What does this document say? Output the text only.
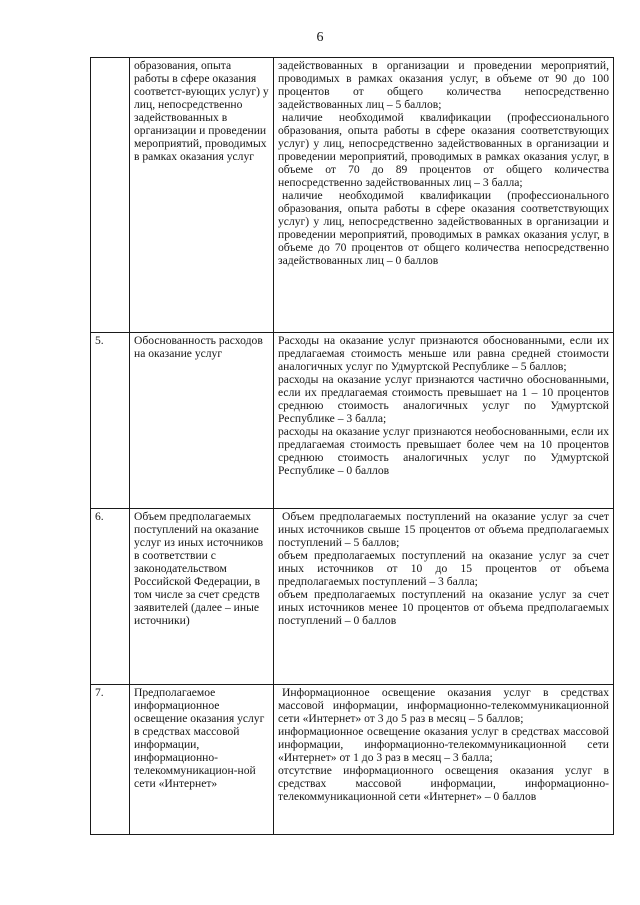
6
	образования, опыта работы в сфере оказания соответст-вующих услуг) у лиц, непосредственно задействованных в организации и проведении мероприятий, проводимых в рамках оказания услуг	задействованных в организации и проведении мероприятий, проводимых в рамках оказания услуг, в объеме от 90 до 100 процентов от общего количества непосредственно задействованных лиц – 5 баллов;

наличие необходимой квалификации (профессионального образования, опыта работы в сфере оказания соответствующих услуг) у лиц, непосредственно задействованных в организации и проведении мероприятий, проводимых в рамках оказания услуг, в объеме от 70 до 89 процентов от общего количества непосредственно задействованных лиц – 3 балла;

наличие необходимой квалификации (профессионального образования, опыта работы в сфере оказания соответствующих услуг) у лиц, непосредственно задействованных в организации и проведении мероприятий, проводимых в рамках оказания услуг, в объеме до 70 процентов от общего количества непосредственно задействованных лиц – 0 баллов

5.	Обоснованность расходов на оказание услуг	Расходы на оказание услуг признаются обоснованными, если их предлагаемая стоимость меньше или равна средней стоимости аналогичных услуг по Удмуртской Республике – 5 баллов;

расходы на оказание услуг признаются частично обоснованными, если их предлагаемая стоимость превышает на 1 – 10 процентов среднюю стоимость аналогичных услуг по Удмуртской Республике – 3 балла;

расходы на оказание услуг признаются необоснованными, если их предлагаемая стоимость превышает более чем на 10 процентов среднюю стоимость аналогичных услуг по Удмуртской Республике – 0 баллов

6.	Объем предполагаемых поступлений на оказание услуг из иных источников в соответствии с законодательством Российской Федерации, в том числе за счет средств заявителей (далее – иные источники)	Объем предполагаемых поступлений на оказание услуг за счет иных источников свыше 15 процентов от объема предполагаемых поступлений – 5 баллов;

объем предполагаемых поступлений на оказание услуг за счет иных источников от 10 до 15 процентов от объема предполагаемых поступлений – 3 балла;

объем предполагаемых поступлений на оказание услуг за счет иных источников менее 10 процентов от объема предполагаемых поступлений – 0 баллов

7.	Предполагаемое информационное освещение оказания услуг в средствах массовой информации, информационно-телекоммуникацион-ной сети «Интернет»	Информационное освещение оказания услуг в средствах массовой информации, информационно-телекоммуникационной сети «Интернет» от 3 до 5 раз в месяц – 5 баллов;

информационное освещение оказания услуг в средствах массовой информации, информационно-телекоммуникационной сети «Интернет» от 1 до 3 раз в месяц – 3 балла;

отсутствие информационного освещения оказания услуг в средствах массовой информации, информационно-телекоммуникационной сети «Интернет» – 0 баллов
